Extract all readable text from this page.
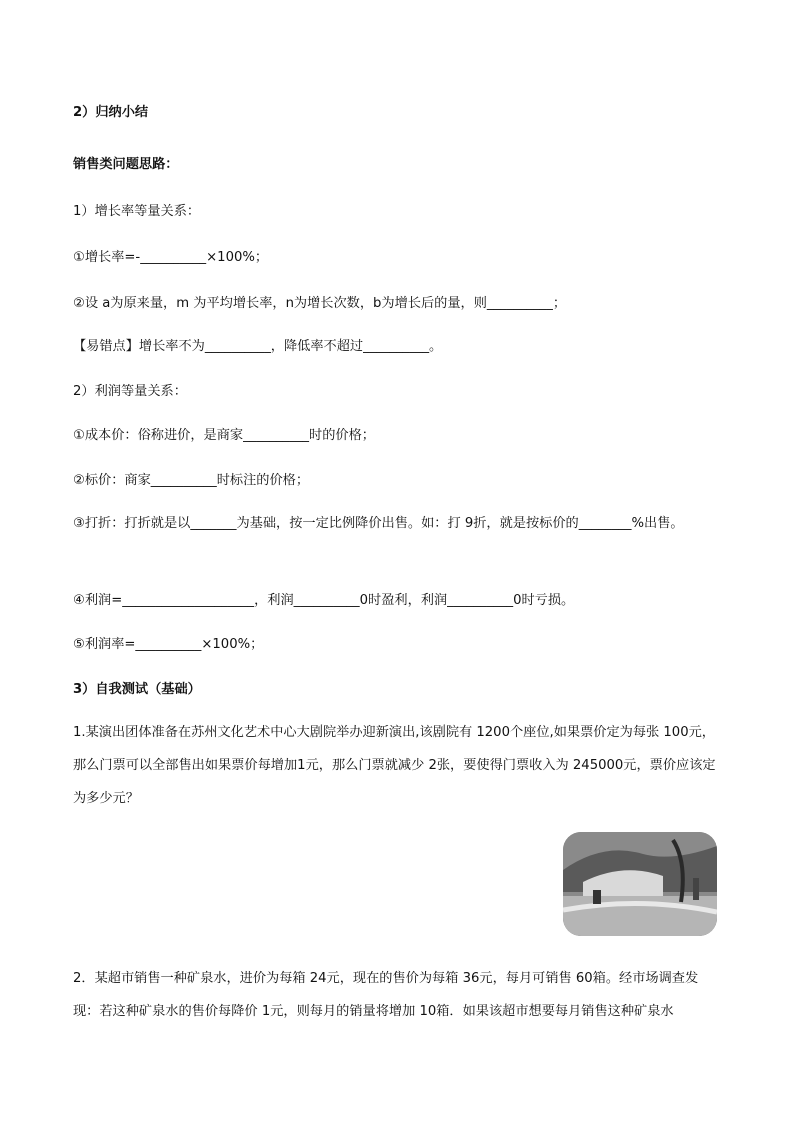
2）归纳小结
销售类问题思路：
1）增长率等量关系：
①增长率=-__________×100%；
②设 a为原来量，m 为平均增长率，n为增长次数，b为增长后的量，则__________；
【易错点】增长率不为__________，降低率不超过__________。
2）利润等量关系：
①成本价：俗称进价，是商家__________时的价格；
②标价：商家__________时标注的价格；
③打折：打折就是以_______为基础，按一定比例降价出售。如：打 9折，就是按标价的________%出售。
④利润=____________________，利润__________0时盈利，利润__________0时亏损。
⑤利润率=__________×100%；
3）自我测试（基础）
1.某演出团体准备在苏州文化艺术中心大剧院举办迎新演出,该剧院有 1200个座位,如果票价定为每张 100元，那么门票可以全部售出如果票价每增加1元，那么门票就减少 2张，要使得门票收入为 245000元，票价应该定为多少元？
2．某超市销售一种矿泉水，进价为每箱 24元，现在的售价为每箱 36元，每月可销售 60箱。经市场调查发现：若这种矿泉水的售价每降价 1元，则每月的销量将增加 10箱．如果该超市想要每月销售这种矿泉水
